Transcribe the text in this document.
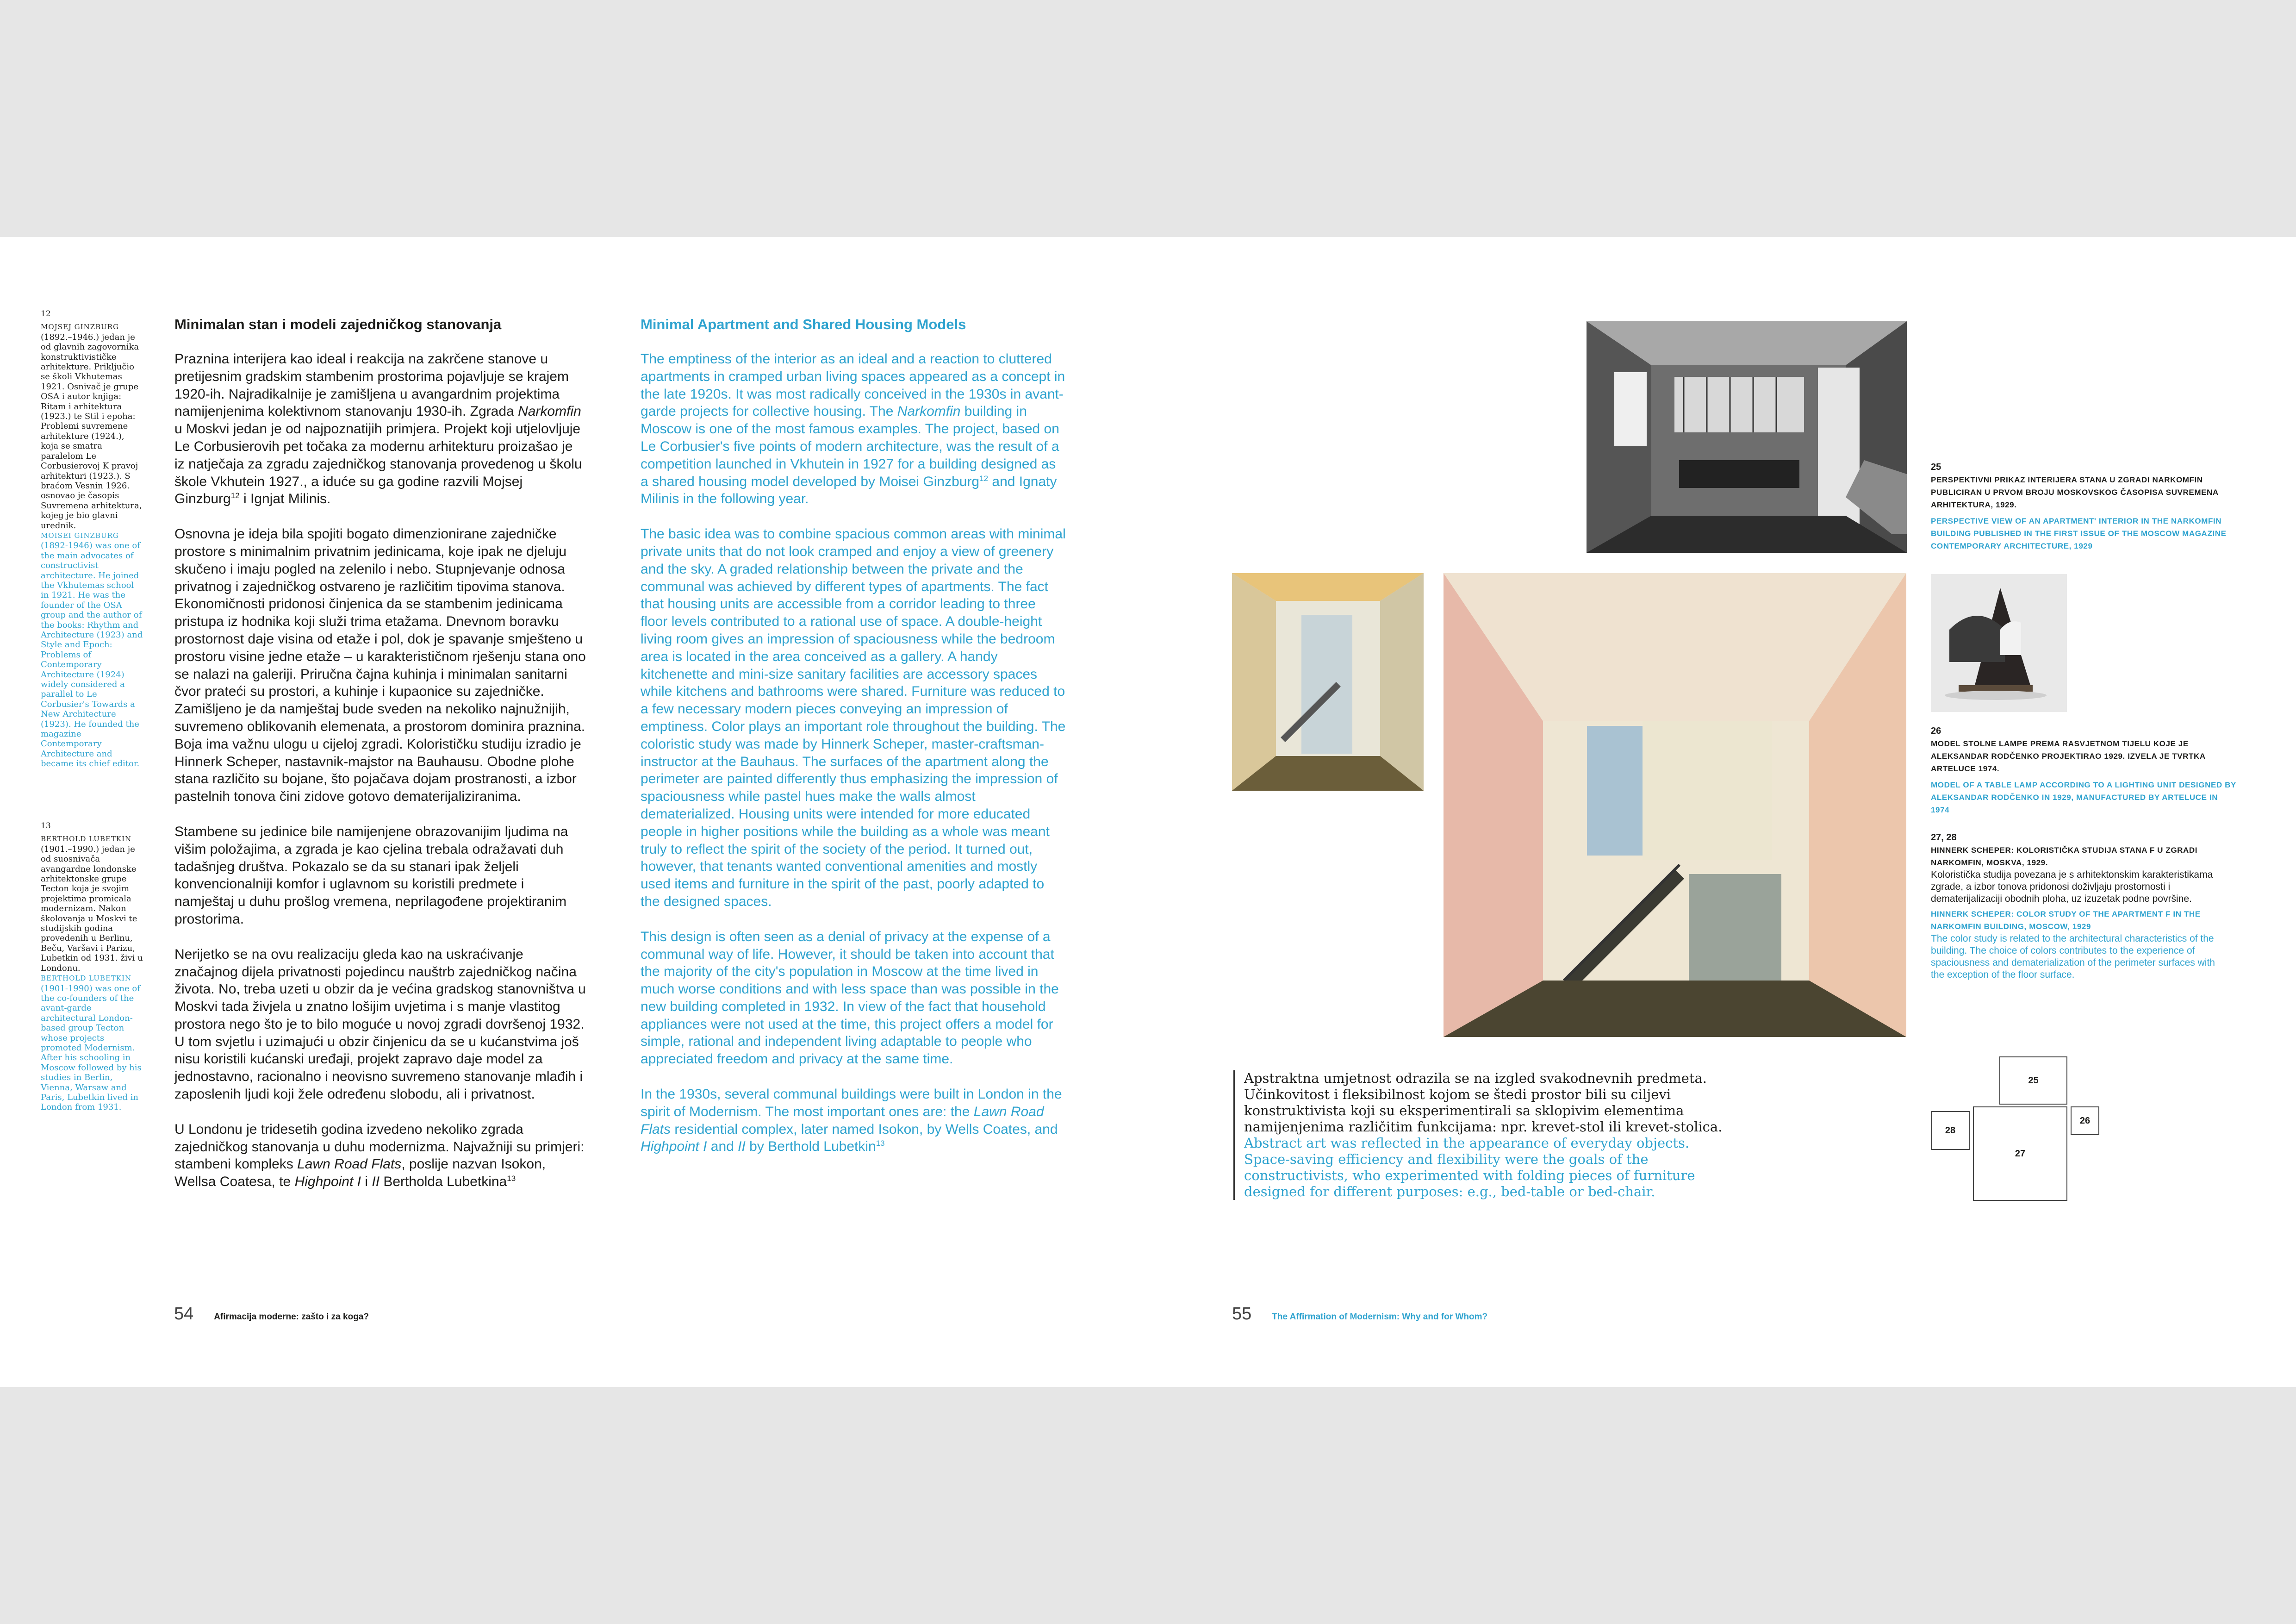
12

MOJSEJ GINZBURG (1892.–1946.) jedan je od glavnih zagovornika konstruktivističke arhitekture. Priključio se školi Vkhutemas 1921. Osnivač je grupe OSA i autor knjiga: Ritam i arhitektura (1923.) te Stil i epoha: Problemi suvremene arhitekture (1924.), koja se smatra paralelom Le Corbusierovoj K pravoj arhitekturi (1923.). S braćom Vesnin 1926. osnovao je časopis Suvremena arhitektura, kojeg je bio glavni urednik.

MOISEI GINZBURG (1892-1946) was one of the main advocates of constructivist architecture. He joined the Vkhutemas school in 1921. He was the founder of the OSA group and the author of the books: Rhythm and Architecture (1923) and Style and Epoch: Problems of Contemporary Architecture (1924) widely considered a parallel to Le Corbusier's Towards a New Architecture (1923). He founded the magazine Contemporary Architecture and became its chief editor.

13

BERTHOLD LUBETKIN (1901.–1990.) jedan je od suosnivača avangardne londonske arhitektonske grupe Tecton koja je svojim projektima promicala modernizam. Nakon školovanja u Moskvi te studijskih godina provedenih u Berlinu, Beču, Varšavi i Parizu, Lubetkin od 1931. živi u Londonu.

BERTHOLD LUBETKIN (1901-1990) was one of the co-founders of the avant-garde architectural London-based group Tecton whose projects promoted Modernism. After his schooling in Moscow followed by his studies in Berlin, Vienna, Warsaw and Paris, Lubetkin lived in London from 1931.

Minimalan stan i modeli zajedničkog stanovanja

Praznina interijera kao ideal i reakcija na zakrčene stanove u pretijesnim gradskim stambenim prostorima pojavljuje se krajem 1920-ih. Najradikalnije je zamišljena u avangardnim projektima namijenjenima kolektivnom stanovanju 1930-ih. Zgrada Narkomfin u Moskvi jedan je od najpoznatijih primjera. Projekt koji utjelovljuje Le Corbusierovih pet točaka za modernu arhitekturu proizašao je iz natječaja za zgradu zajedničkog stanovanja provedenog u školu škole Vkhutein 1927., a iduće su ga godine razvili Mojsej Ginzburg$^{12}$ i Ignjat Milinis.

Osnovna je ideja bila spojiti bogato dimenzionirane zajedničke prostore s minimalnim privatnim jedinicama, koje ipak ne djeluju skučeno i imaju pogled na zelenilo i nebo. Stupnjevanje odnosa privatnog i zajedničkog ostvareno je različitim tipovima stanova. Ekonomičnosti pridonosi činjenica da se stambenim jedinicama pristupa iz hodnika koji služi trima etažama. Dnevnom boravku prostornost daje visina od etaže i pol, dok je spavanje smješteno u prostoru visine jedne etaže – u karakterističnom rješenju stana ono se nalazi na galeriji. Priručna čajna kuhinja i minimalan sanitarni čvor prateći su prostori, a kuhinje i kupaonice su zajedničke. Zamišljeno je da namještaj bude sveden na nekoliko najnužnijih, suvremeno oblikovanih elemenata, a prostorom dominira praznina. Boja ima važnu ulogu u cijeloj zgradi. Kolorističku studiju izradio je Hinnerk Scheper, nastavnik-majstor na Bauhausu. Obodne plohe stana različito su bojane, što pojačava dojam prostranosti, a izbor pastelnih tonova čini zidove gotovo dematerijaliziranima.

Stambene su jedinice bile namijenjene obrazovanijim ljudima na višim položajima, a zgrada je kao cjelina trebala odražavati duh tadašnjeg društva. Pokazalo se da su stanari ipak željeli konvencionalniji komfor i uglavnom su koristili predmete i namještaj u duhu prošlog vremena, neprilagođene projektiranim prostorima.

Nerijetko se na ovu realizaciju gleda kao na uskraćivanje značajnog dijela privatnosti pojedincu nauštrb zajedničkog načina života. No, treba uzeti u obzir da je većina gradskog stanovništva u Moskvi tada živjela u znatno lošijim uvjetima i s manje vlastitog prostora nego što je to bilo moguće u novoj zgradi dovršenoj 1932. U tom svjetlu i uzimajući u obzir činjenicu da se u kućanstvima još nisu koristili kućanski uređaji, projekt zapravo daje model za jednostavno, racionalno i neovisno suvremeno stanovanje mlađih i zaposlenih ljudi koji žele određenu slobodu, ali i privatnost.

U Londonu je tridesetih godina izvedeno nekoliko zgrada zajedničkog stanovanja u duhu modernizma. Najvažniji su primjeri: stambeni kompleks Lawn Road Flats, poslije nazvan Isokon, Wellsa Coatesa, te Highpoint I i II Bertholda Lubetkina$^{13}$

Minimal Apartment and Shared Housing Models

The emptiness of the interior as an ideal and a reaction to cluttered apartments in cramped urban living spaces appeared as a concept in the late 1920s. It was most radically conceived in the 1930s in avant-garde projects for collective housing. The Narkomfin building in Moscow is one of the most famous examples. The project, based on Le Corbusier's five points of modern architecture, was the result of a competition launched in Vkhutein in 1927 for a building designed as a shared housing model developed by Moisei Ginzburg$^{12}$ and Ignaty Milinis in the following year.

The basic idea was to combine spacious common areas with minimal private units that do not look cramped and enjoy a view of greenery and the sky. A graded relationship between the private and the communal was achieved by different types of apartments. The fact that housing units are accessible from a corridor leading to three floor levels contributed to a rational use of space. A double-height living room gives an impression of spaciousness while the bedroom area is located in the area conceived as a gallery. A handy kitchenette and mini-size sanitary facilities are accessory spaces while kitchens and bathrooms were shared. Furniture was reduced to a few necessary modern pieces conveying an impression of emptiness. Color plays an important role throughout the building. The coloristic study was made by Hinnerk Scheper, master-craftsman-instructor at the Bauhaus. The surfaces of the apartment along the perimeter are painted differently thus emphasizing the impression of spaciousness while pastel hues make the walls almost dematerialized. Housing units were intended for more educated people in higher positions while the building as a whole was meant truly to reflect the spirit of the society of the period. It turned out, however, that tenants wanted conventional amenities and mostly used items and furniture in the spirit of the past, poorly adapted to the designed spaces.

This design is often seen as a denial of privacy at the expense of a communal way of life. However, it should be taken into account that the majority of the city's population in Moscow at the time lived in much worse conditions and with less space than was possible in the new building completed in 1932. In view of the fact that household appliances were not used at the time, this project offers a model for simple, rational and independent living adaptable to people who appreciated freedom and privacy at the same time.

In the 1930s, several communal buildings were built in London in the spirit of Modernism. The most important ones are: the Lawn Road Flats residential complex, later named Isokon, by Wells Coates, and Highpoint I and II by Berthold Lubetkin$^{13}$

25
PERSPEKTIVNI PRIKAZ INTERIJERA STANA U ZGRADI NARKOMFIN PUBLICIRAN U PRVOM BROJU MOSKOVSKOG ČASOPISA SUVREMENA ARHITEKTURA, 1929.
PERSPECTIVE VIEW OF AN APARTMENT' INTERIOR IN THE NARKOMFIN BUILDING PUBLISHED IN THE FIRST ISSUE OF THE MOSCOW MAGAZINE CONTEMPORARY ARCHITECTURE, 1929
26
MODEL STOLNE LAMPE PREMA RASVJETNOM TIJELU KOJE JE ALEKSANDAR RODČENKO PROJEKTIRAO 1929. IZVELA JE TVRTKA ARTELUCE 1974.
MODEL OF A TABLE LAMP ACCORDING TO A LIGHTING UNIT DESIGNED BY ALEKSANDAR RODČENKO IN 1929, MANUFACTURED BY ARTELUCE IN 1974
27, 28
HINNERK SCHEPER: KOLORISTIČKA STUDIJA STANA F U ZGRADI NARKOMFIN, MOSKVA, 1929.
Koloristička studija povezana je s arhitektonskim karakteristikama zgrade, a izbor tonova pridonosi doživljaju prostornosti i dematerijalizaciji obodnih ploha, uz izuzetak podne površine.
HINNERK SCHEPER: COLOR STUDY OF THE APARTMENT F IN THE NARKOMFIN BUILDING, MOSCOW, 1929
The color study is related to the architectural characteristics of the building. The choice of colors contributes to the experience of spaciousness and dematerialization of the perimeter surfaces with the exception of the floor surface.
Apstraktna umjetnost odrazila se na izgled svakodnevnih predmeta. Učinkovitost i fleksibilnost kojom se štedi prostor bili su ciljevi konstruktivista koji su eksperimentirali sa sklopivim elementima namijenjenima različitim funkcijama: npr. krevet-stol ili krevet-stolica.
Abstract art was reflected in the appearance of everyday objects. Space-saving efficiency and flexibility were the goals of the constructivists, who experimented with folding pieces of furniture designed for different purposes: e.g., bed-table or bed-chair.
25
26
28
27
54 Afirmacija moderne: zašto i za koga?	55 The Affirmation of Modernism: Why and for Whom?
